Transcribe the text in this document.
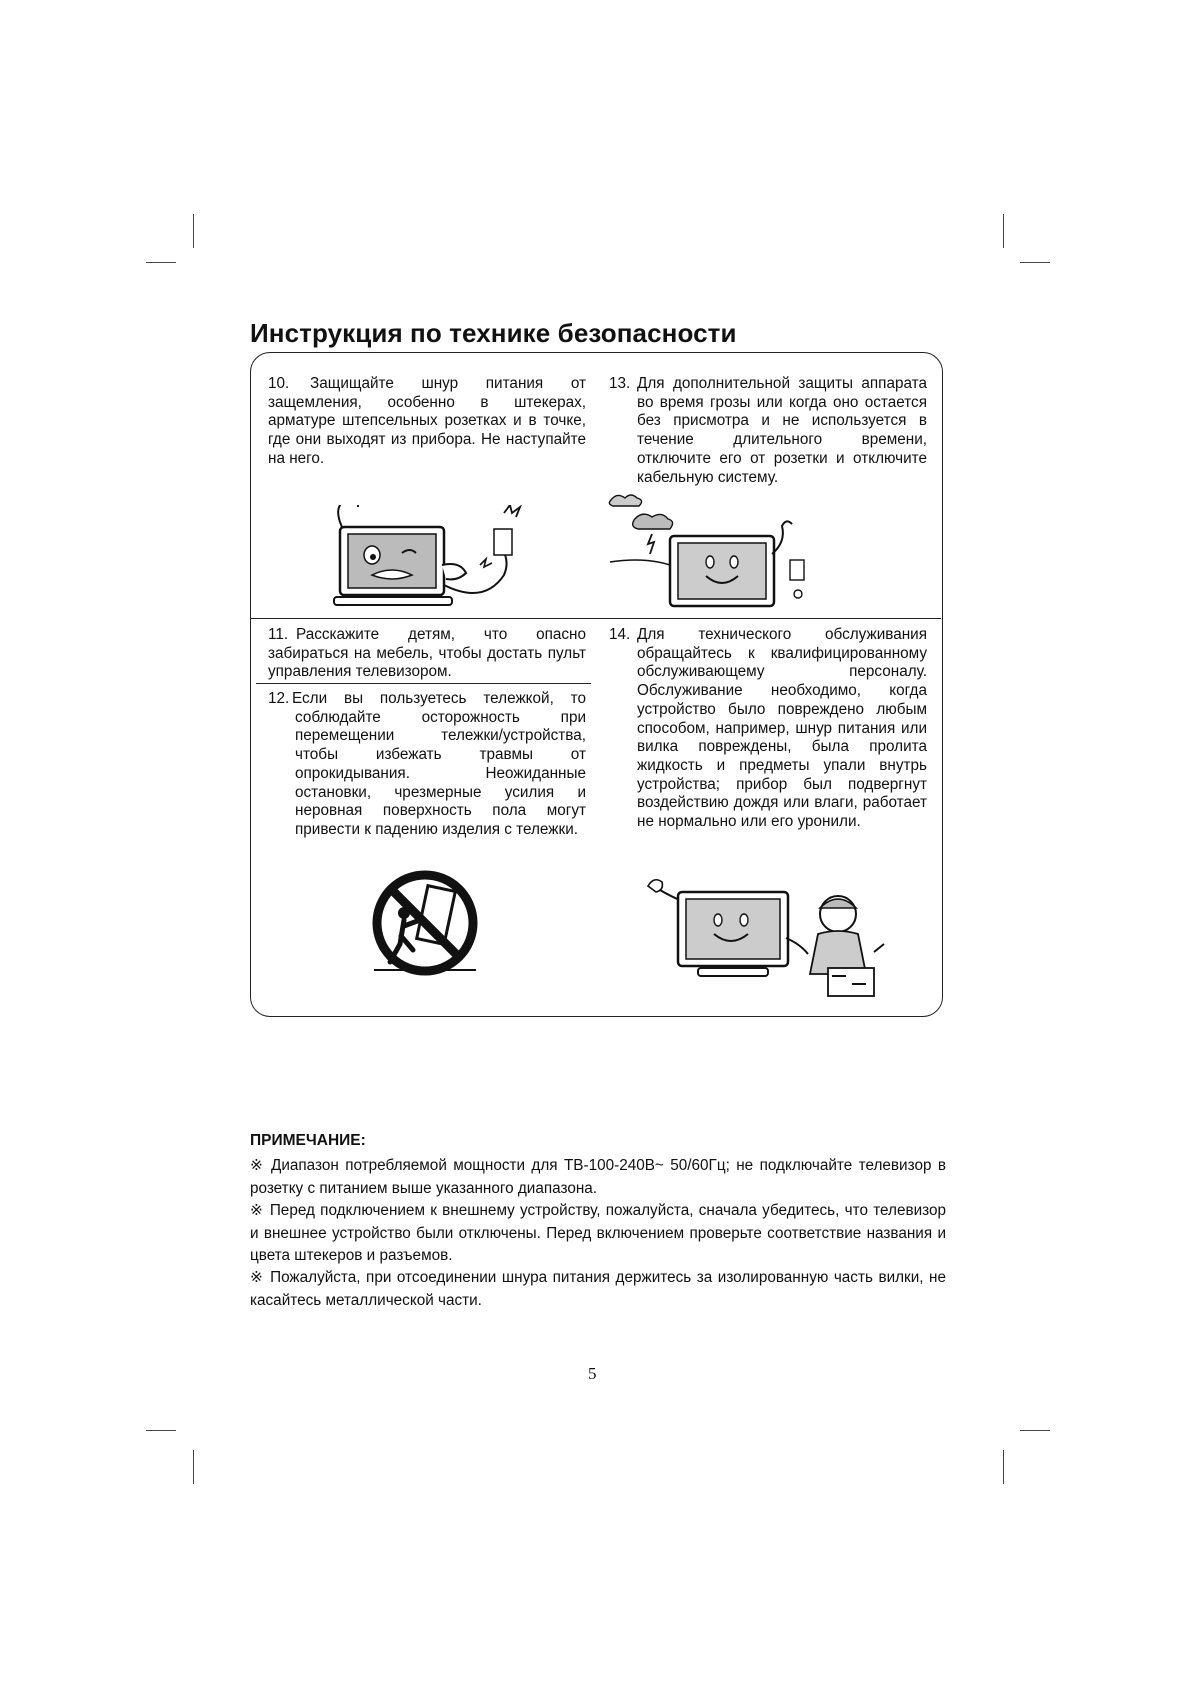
Инструкция по технике безопасности
10.	Защищайте шнур питания от защемления, особенно в штекерах, арматуре штепсельных розетках и в точке, где они выходят из прибора. Не наступайте на него.
13. Для дополнительной защиты аппарата во время грозы или когда оно остается без присмотра и не используется в течение длительного времени, отключите его от розетки и отключите кабельную систему.
11. Расскажите детям, что опасно забираться на мебель, чтобы достать пульт управления телевизором.
12. Если вы пользуетесь тележкой, то соблюдайте осторожность при перемещении тележки/устройства, чтобы избежать травмы от опрокидывания. Неожиданные остановки, чрезмерные усилия и неровная поверхность пола могут привести к падению изделия с тележки.
14. Для технического обслуживания обращайтесь к квалифицированному обслуживающему персоналу. Обслуживание необходимо, когда устройство было повреждено любым способом, например, шнур питания или вилка повреждены, была пролита жидкость и предметы упали внутрь устройства; прибор был подвергнут воздействию дождя или влаги, работает не нормально или его уронили.
ПРИМЕЧАНИЕ:
※ Диапазон потребляемой мощности для ТВ-100-240В~ 50/60Гц; не подключайте телевизор в розетку с питанием выше указанного диапазона.
※ Перед подключением к внешнему устройству, пожалуйста, сначала убедитесь, что телевизор и внешнее устройство были отключены. Перед включением проверьте соответствие названия и цвета штекеров и разъемов.
※ Пожалуйста, при отсоединении шнура питания держитесь за изолированную часть вилки, не касайтесь металлической части.
5
